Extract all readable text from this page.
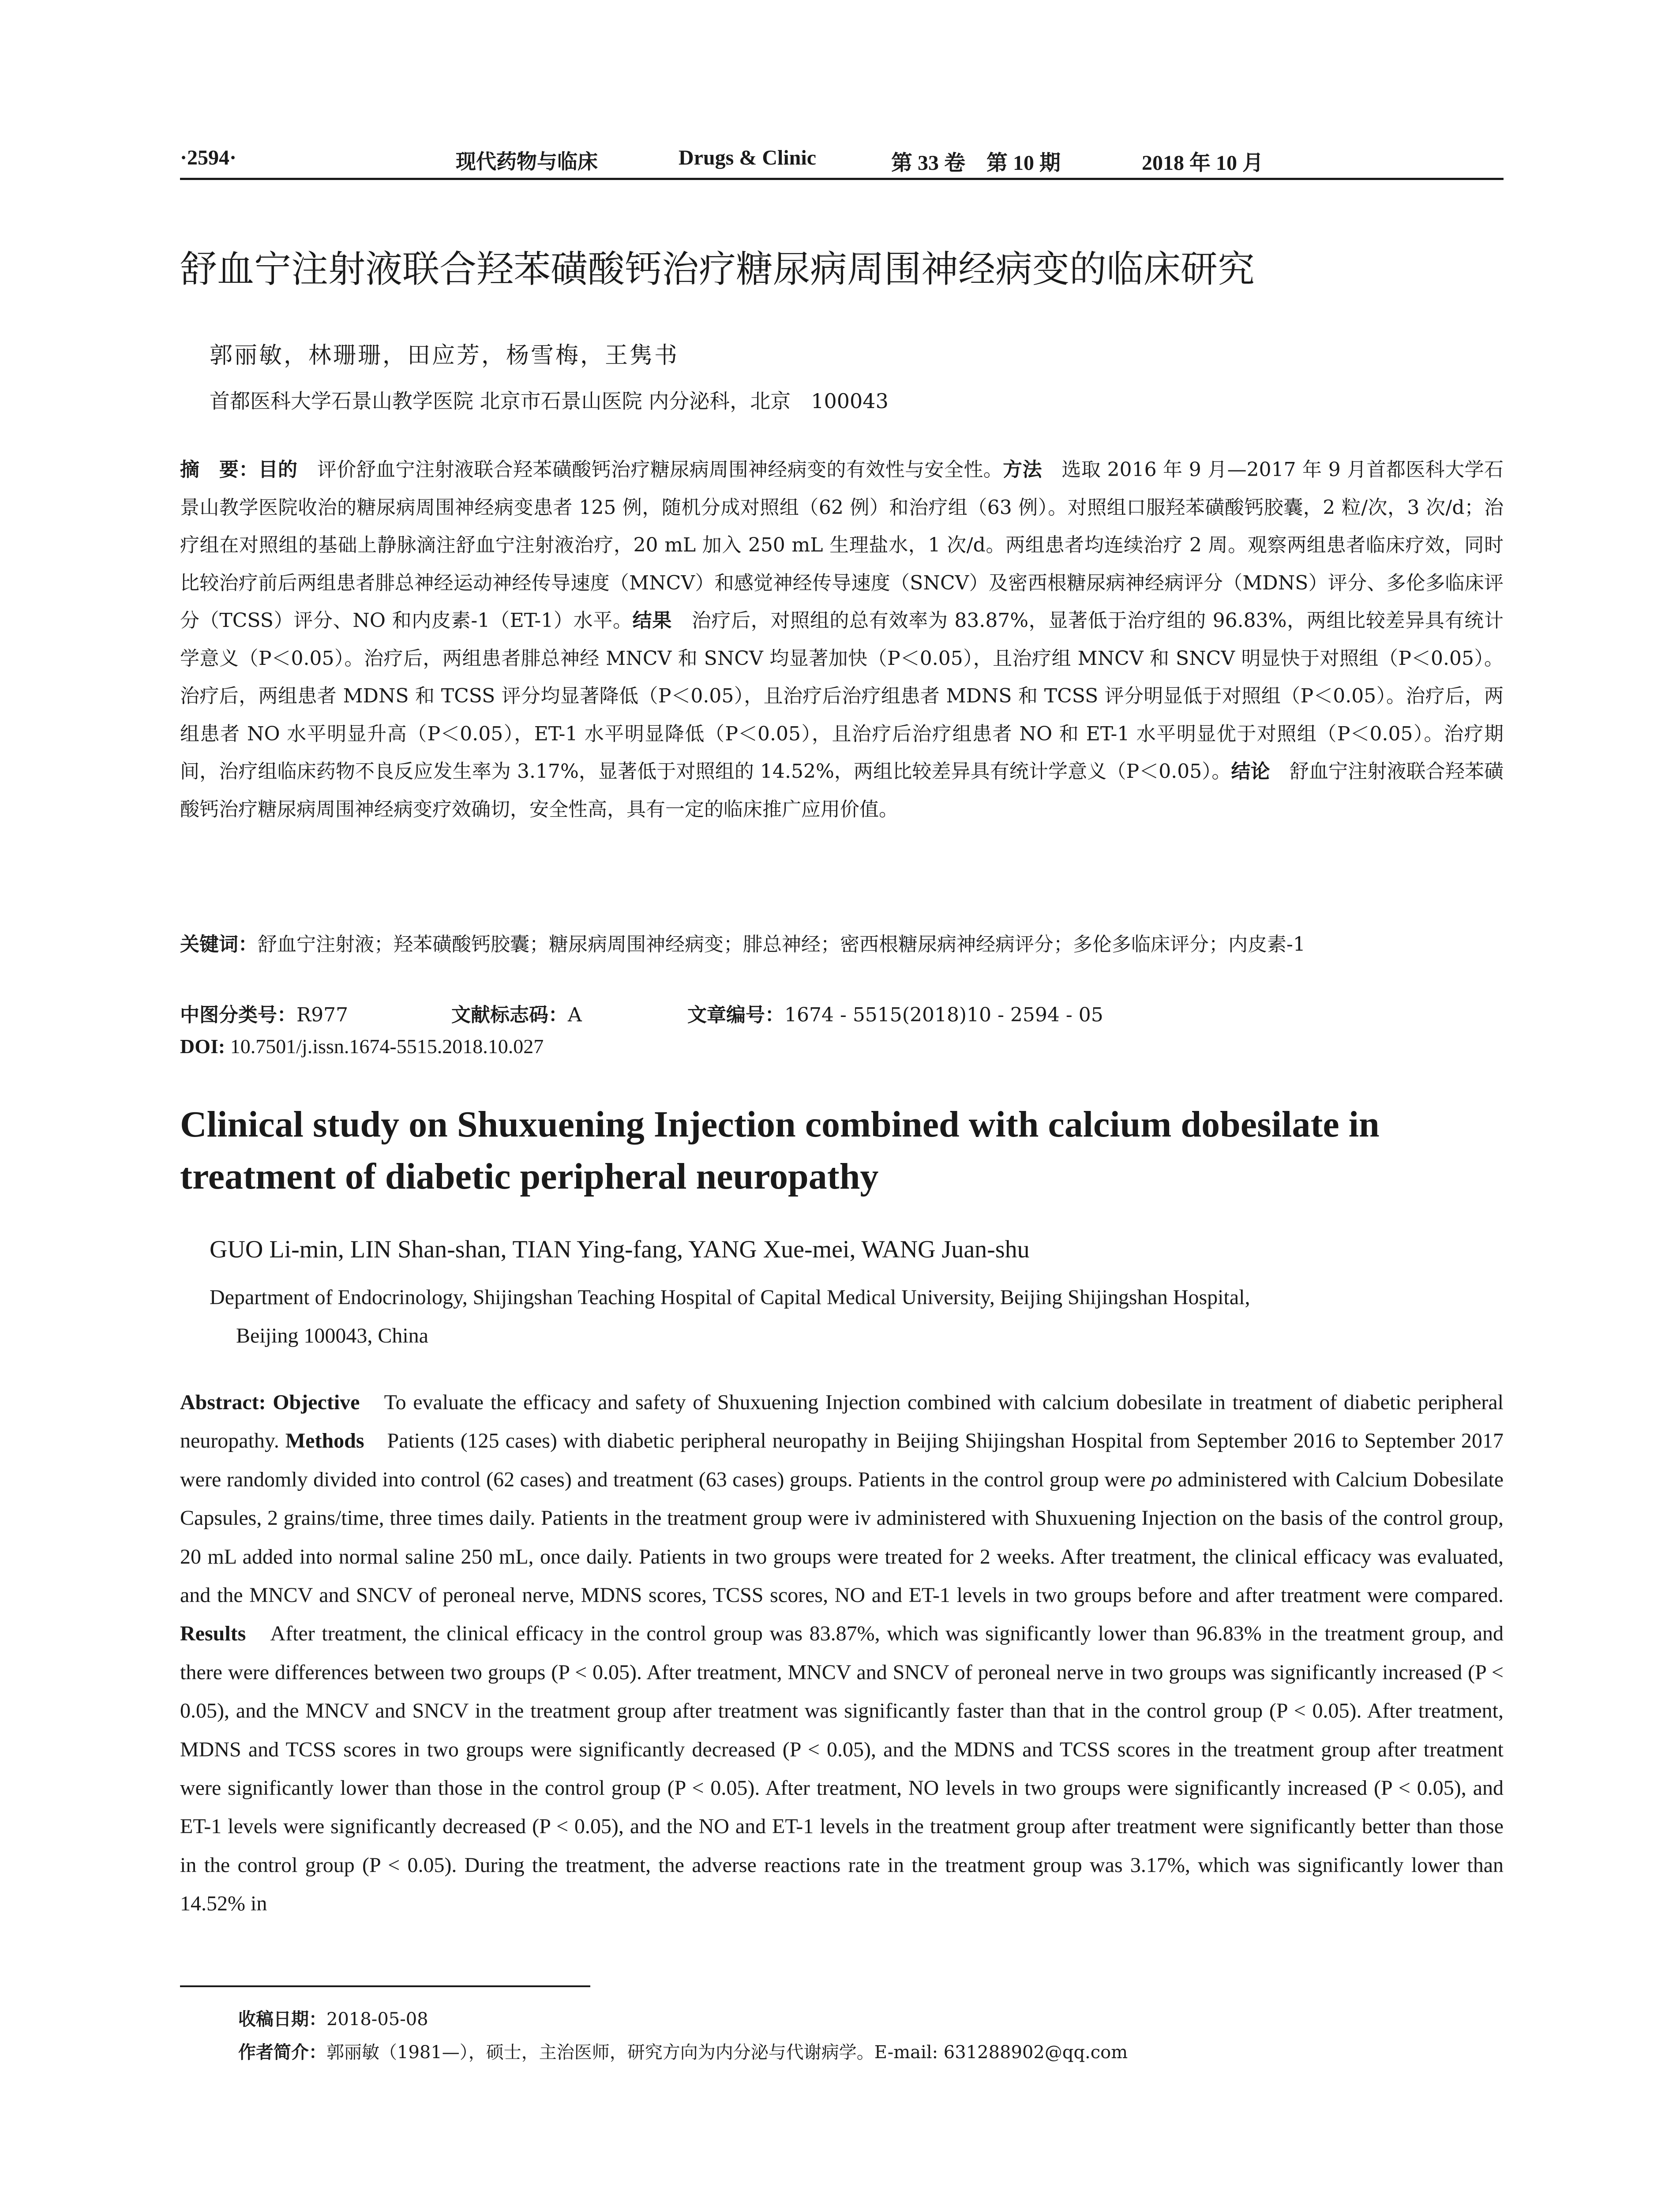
·2594·	现代药物与临床	Drugs & Clinic	第 33 卷　第 10 期	2018 年 10 月
舒血宁注射液联合羟苯磺酸钙治疗糖尿病周围神经病变的临床研究
郭丽敏，林珊珊，田应芳，杨雪梅，王隽书
首都医科大学石景山教学医院 北京市石景山医院 内分泌科，北京　100043
摘　要：目的　评价舒血宁注射液联合羟苯磺酸钙治疗糖尿病周围神经病变的有效性与安全性。方法　选取 2016 年 9 月—2017 年 9 月首都医科大学石景山教学医院收治的糖尿病周围神经病变患者 125 例，随机分成对照组（62 例）和治疗组（63 例）。对照组口服羟苯磺酸钙胶囊，2 粒/次，3 次/d；治疗组在对照组的基础上静脉滴注舒血宁注射液治疗，20 mL 加入 250 mL 生理盐水，1 次/d。两组患者均连续治疗 2 周。观察两组患者临床疗效，同时比较治疗前后两组患者腓总神经运动神经传导速度（MNCV）和感觉神经传导速度（SNCV）及密西根糖尿病神经病评分（MDNS）评分、多伦多临床评分（TCSS）评分、NO 和内皮素-1（ET-1）水平。结果　治疗后，对照组的总有效率为 83.87%，显著低于治疗组的 96.83%，两组比较差异具有统计学意义（P＜0.05）。治疗后，两组患者腓总神经 MNCV 和 SNCV 均显著加快（P＜0.05），且治疗组 MNCV 和 SNCV 明显快于对照组（P＜0.05）。治疗后，两组患者 MDNS 和 TCSS 评分均显著降低（P＜0.05），且治疗后治疗组患者 MDNS 和 TCSS 评分明显低于对照组（P＜0.05）。治疗后，两组患者 NO 水平明显升高（P＜0.05），ET-1 水平明显降低（P＜0.05），且治疗后治疗组患者 NO 和 ET-1 水平明显优于对照组（P＜0.05）。治疗期间，治疗组临床药物不良反应发生率为 3.17%，显著低于对照组的 14.52%，两组比较差异具有统计学意义（P＜0.05）。结论　舒血宁注射液联合羟苯磺酸钙治疗糖尿病周围神经病变疗效确切，安全性高，具有一定的临床推广应用价值。
关键词：舒血宁注射液；羟苯磺酸钙胶囊；糖尿病周围神经病变；腓总神经；密西根糖尿病神经病评分；多伦多临床评分；内皮素-1
中图分类号：R977	文献标志码：A	文章编号：1674 - 5515(2018)10 - 2594 - 05
DOI: 10.7501/j.issn.1674-5515.2018.10.027
Clinical study on Shuxuening Injection combined with calcium dobesilate in treatment of diabetic peripheral neuropathy
GUO Li-min, LIN Shan-shan, TIAN Ying-fang, YANG Xue-mei, WANG Juan-shu
Department of Endocrinology, Shijingshan Teaching Hospital of Capital Medical University, Beijing Shijingshan Hospital,
Beijing 100043, China
Abstract: Objective　To evaluate the efficacy and safety of Shuxuening Injection combined with calcium dobesilate in treatment of diabetic peripheral neuropathy. Methods　Patients (125 cases) with diabetic peripheral neuropathy in Beijing Shijingshan Hospital from September 2016 to September 2017 were randomly divided into control (62 cases) and treatment (63 cases) groups. Patients in the control group were po administered with Calcium Dobesilate Capsules, 2 grains/time, three times daily. Patients in the treatment group were iv administered with Shuxuening Injection on the basis of the control group, 20 mL added into normal saline 250 mL, once daily. Patients in two groups were treated for 2 weeks. After treatment, the clinical efficacy was evaluated, and the MNCV and SNCV of peroneal nerve, MDNS scores, TCSS scores, NO and ET-1 levels in two groups before and after treatment were compared. Results　After treatment, the clinical efficacy in the control group was 83.87%, which was significantly lower than 96.83% in the treatment group, and there were differences between two groups (P < 0.05). After treatment, MNCV and SNCV of peroneal nerve in two groups was significantly increased (P < 0.05), and the MNCV and SNCV in the treatment group after treatment was significantly faster than that in the control group (P < 0.05). After treatment, MDNS and TCSS scores in two groups were significantly decreased (P < 0.05), and the MDNS and TCSS scores in the treatment group after treatment were significantly lower than those in the control group (P < 0.05). After treatment, NO levels in two groups were significantly increased (P < 0.05), and ET-1 levels were significantly decreased (P < 0.05), and the NO and ET-1 levels in the treatment group after treatment were significantly better than those in the control group (P < 0.05). During the treatment, the adverse reactions rate in the treatment group was 3.17%, which was significantly lower than 14.52% in
收稿日期：2018-05-08
作者简介：郭丽敏（1981—），硕士，主治医师，研究方向为内分泌与代谢病学。E-mail: 631288902@qq.com
